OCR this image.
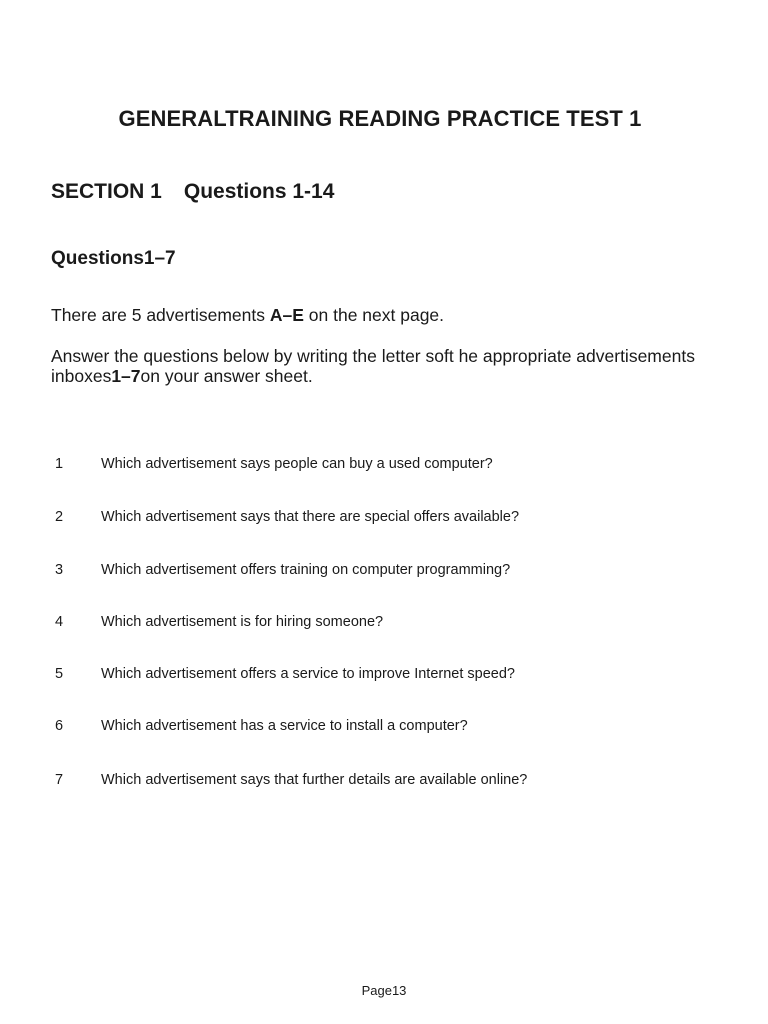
GENERALTRAINING READING PRACTICE TEST 1
SECTION 1 Questions 1-14
Questions1–7

There are 5 advertisements A–E on the next page.

Answer the questions below by writing the letter soft he appropriate advertisements
inboxes1–7on your answer sheet.

1	Which advertisement says people can buy a used computer?
2	Which advertisement says that there are special offers available?
3	Which advertisement offers training on computer programming?
4	Which advertisement is for hiring someone?
5	Which advertisement offers a service to improve Internet speed?
6	Which advertisement has a service to install a computer?
7	Which advertisement says that further details are available online?
Page13
